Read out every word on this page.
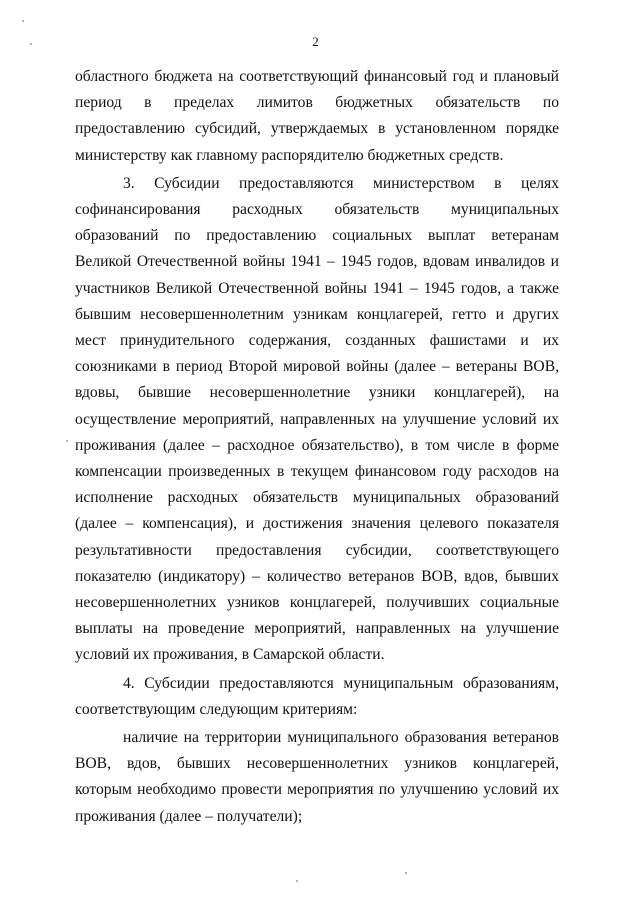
2

областного бюджета на соответствующий финансовый год и плановый период в пределах лимитов бюджетных обязательств по предоставлению субсидий, утверждаемых в установленном порядке министерству как главному распорядителю бюджетных средств.

3. Субсидии предоставляются министерством в целях софинансирования расходных обязательств муниципальных образований по предоставлению социальных выплат ветеранам Великой Отечественной войны 1941 – 1945 годов, вдовам инвалидов и участников Великой Отечественной войны 1941 – 1945 годов, а также бывшим несовершеннолетним узникам концлагерей, гетто и других мест принудительного содержания, созданных фашистами и их союзниками в период Второй мировой войны (далее – ветераны ВОВ, вдовы, бывшие несовершеннолетние узники концлагерей), на осуществление мероприятий, направленных на улучшение условий их проживания (далее – расходное обязательство), в том числе в форме компенсации произведенных в текущем финансовом году расходов на исполнение расходных обязательств муниципальных образований (далее – компенсация), и достижения значения целевого показателя результативности предоставления субсидии, соответствующего показателю (индикатору) – количество ветеранов ВОВ, вдов, бывших несовершеннолетних узников концлагерей, получивших социальные выплаты на проведение мероприятий, направленных на улучшение условий их проживания, в Самарской области.

4. Субсидии предоставляются муниципальным образованиям, соответствующим следующим критериям:

наличие на территории муниципального образования ветеранов ВОВ, вдов, бывших несовершеннолетних узников концлагерей, которым необходимо провести мероприятия по улучшению условий их проживания (далее – получатели);
